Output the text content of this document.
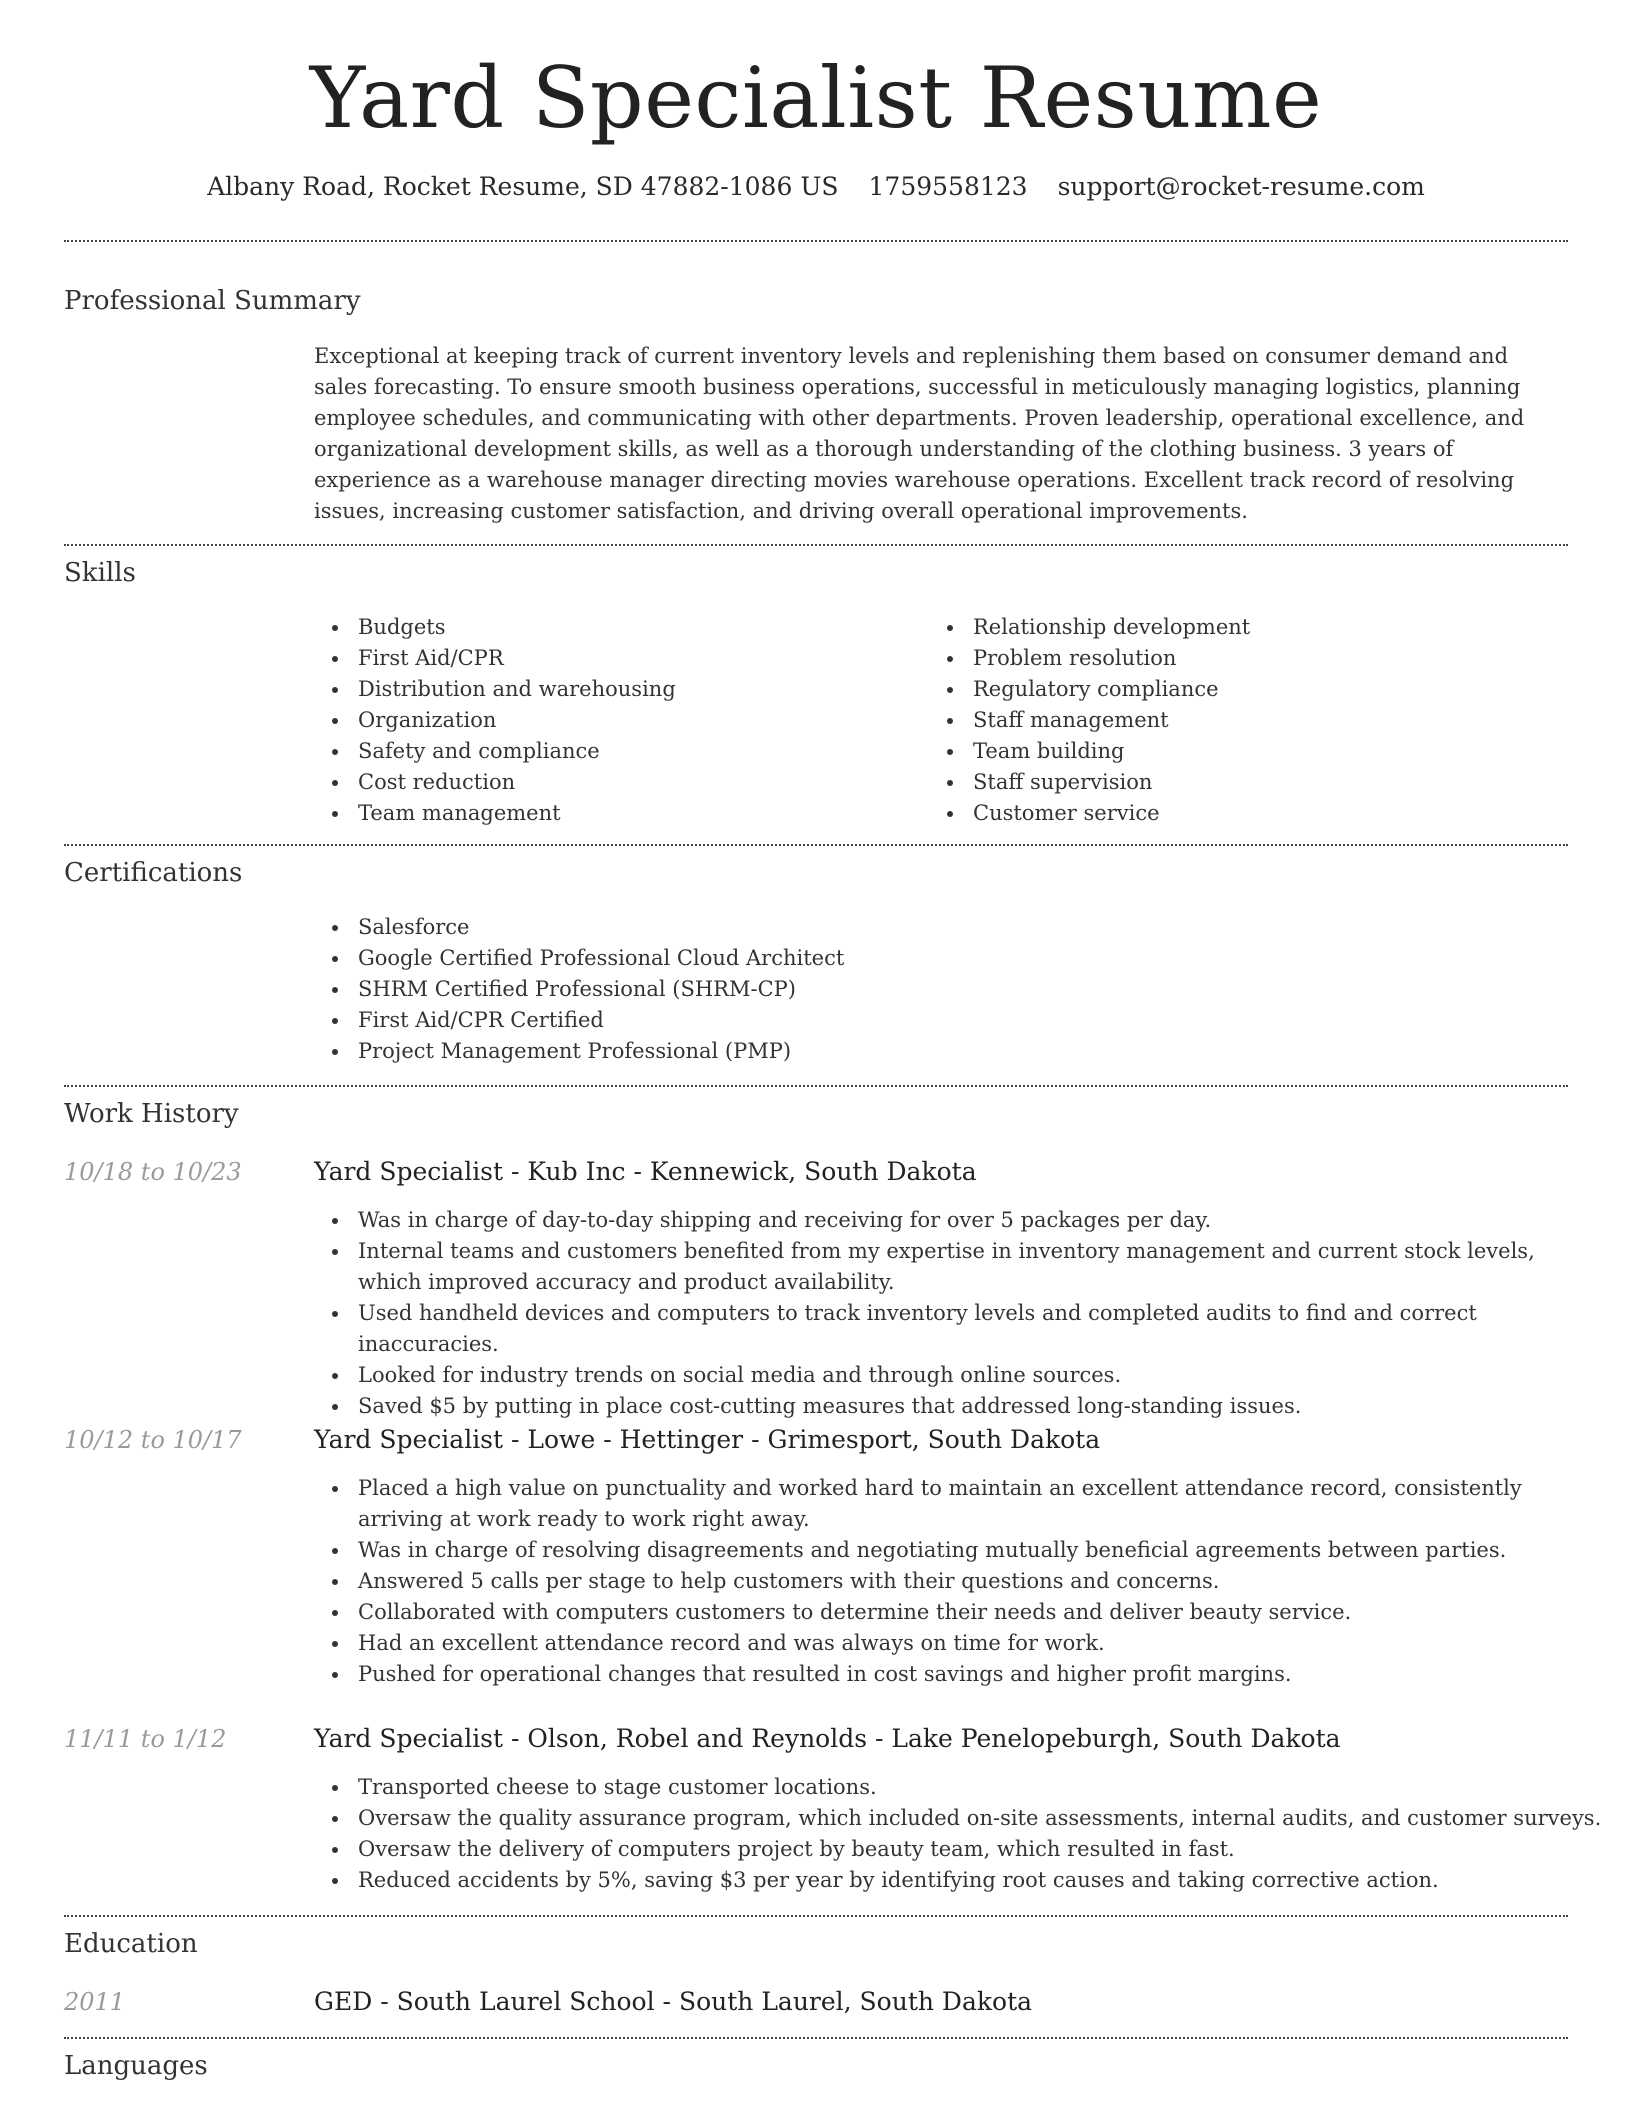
Yard Specialist Resume
Albany Road, Rocket Resume, SD 47882-1086 US 1759558123 support@rocket-resume.com
Professional Summary
Exceptional at keeping track of current inventory levels and replenishing them based on consumer demand and sales forecasting. To ensure smooth business operations, successful in meticulously managing logistics, planning employee schedules, and communicating with other departments. Proven leadership, operational excellence, and organizational development skills, as well as a thorough understanding of the clothing business. 3 years of experience as a warehouse manager directing movies warehouse operations. Excellent track record of resolving issues, increasing customer satisfaction, and driving overall operational improvements.
Skills
Budgets
First Aid/CPR
Distribution and warehousing
Organization
Safety and compliance
Cost reduction
Team management
Relationship development
Problem resolution
Regulatory compliance
Staff management
Team building
Staff supervision
Customer service
Certifications
Salesforce
Google Certified Professional Cloud Architect
SHRM Certified Professional (SHRM-CP)
First Aid/CPR Certified
Project Management Professional (PMP)
Work History
10/18 to 10/23	Yard Specialist - Kub Inc - Kennewick, South Dakota
Was in charge of day-to-day shipping and receiving for over 5 packages per day.
Internal teams and customers benefited from my expertise in inventory management and current stock levels, which improved accuracy and product availability.
Used handheld devices and computers to track inventory levels and completed audits to find and correct inaccuracies.
Looked for industry trends on social media and through online sources.
Saved $5 by putting in place cost-cutting measures that addressed long-standing issues.
10/12 to 10/17	Yard Specialist - Lowe - Hettinger - Grimesport, South Dakota
Placed a high value on punctuality and worked hard to maintain an excellent attendance record, consistently arriving at work ready to work right away.
Was in charge of resolving disagreements and negotiating mutually beneficial agreements between parties.
Answered 5 calls per stage to help customers with their questions and concerns.
Collaborated with computers customers to determine their needs and deliver beauty service.
Had an excellent attendance record and was always on time for work.
Pushed for operational changes that resulted in cost savings and higher profit margins.
11/11 to 1/12	Yard Specialist - Olson, Robel and Reynolds - Lake Penelopeburgh, South Dakota
Transported cheese to stage customer locations.
Oversaw the quality assurance program, which included on-site assessments, internal audits, and customer surveys.
Oversaw the delivery of computers project by beauty team, which resulted in fast.
Reduced accidents by 5%, saving $3 per year by identifying root causes and taking corrective action.
Education
2011	GED - South Laurel School - South Laurel, South Dakota
Languages
